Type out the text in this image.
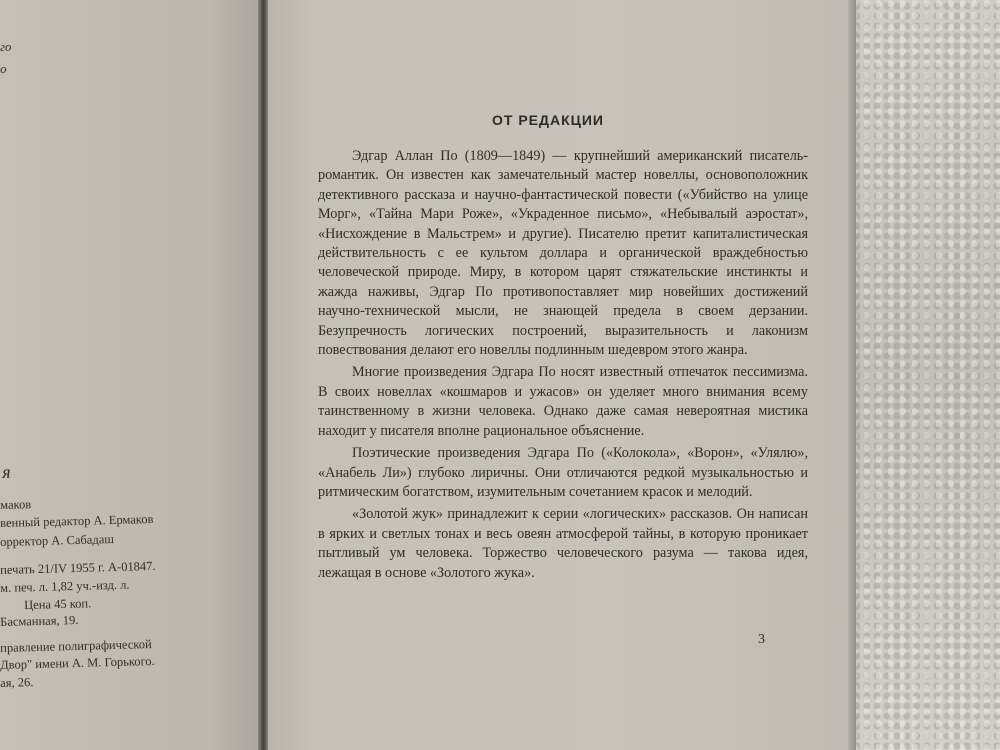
го
о
я
маков
венный редактор А. Ермаков
орректор А. Сабадаш
печать 21/IV 1955 г. А-01847.
м. печ. л. 1,82 уч.-изд. л.
Цена 45 коп.
Басманная, 19.
правление полиграфической
Двор" имени А. М. Горького.
ая, 26.
ОТ РЕДАКЦИИ

Эдгар Аллан По (1809—1849) — крупнейший американский писатель-романтик. Он известен как замечательный мастер новеллы, основоположник детективного рассказа и научно-фантастической повести («Убийство на улице Морг», «Тайна Мари Роже», «Украденное письмо», «Небывалый аэростат», «Нисхождение в Мальстрем» и другие). Писателю претит капиталистическая действительность с ее культом доллара и органической враждебностью человеческой природе. Миру, в котором царят стяжательские инстинкты и жажда наживы, Эдгар По противопоставляет мир новейших достижений научно-технической мысли, не знающей предела в своем дерзании. Безупречность логических построений, выразительность и лаконизм повествования делают его новеллы подлинным шедевром этого жанра.

Многие произведения Эдгара По носят известный отпечаток пессимизма. В своих новеллах «кошмаров и ужасов» он уделяет много внимания всему таинственному в жизни человека. Однако даже самая невероятная мистика находит у писателя вполне рациональное объяснение.

Поэтические произведения Эдгара По («Колокола», «Ворон», «Улялю», «Анабель Ли») глубоко лиричны. Они отличаются редкой музыкальностью и ритмическим богатством, изумительным сочетанием красок и мелодий.

«Золотой жук» принадлежит к серии «логических» рассказов. Он написан в ярких и светлых тонах и весь овеян атмосферой тайны, в которую проникает пытливый ум человека. Торжество человеческого разума — такова идея, лежащая в основе «Золотого жука».

3
